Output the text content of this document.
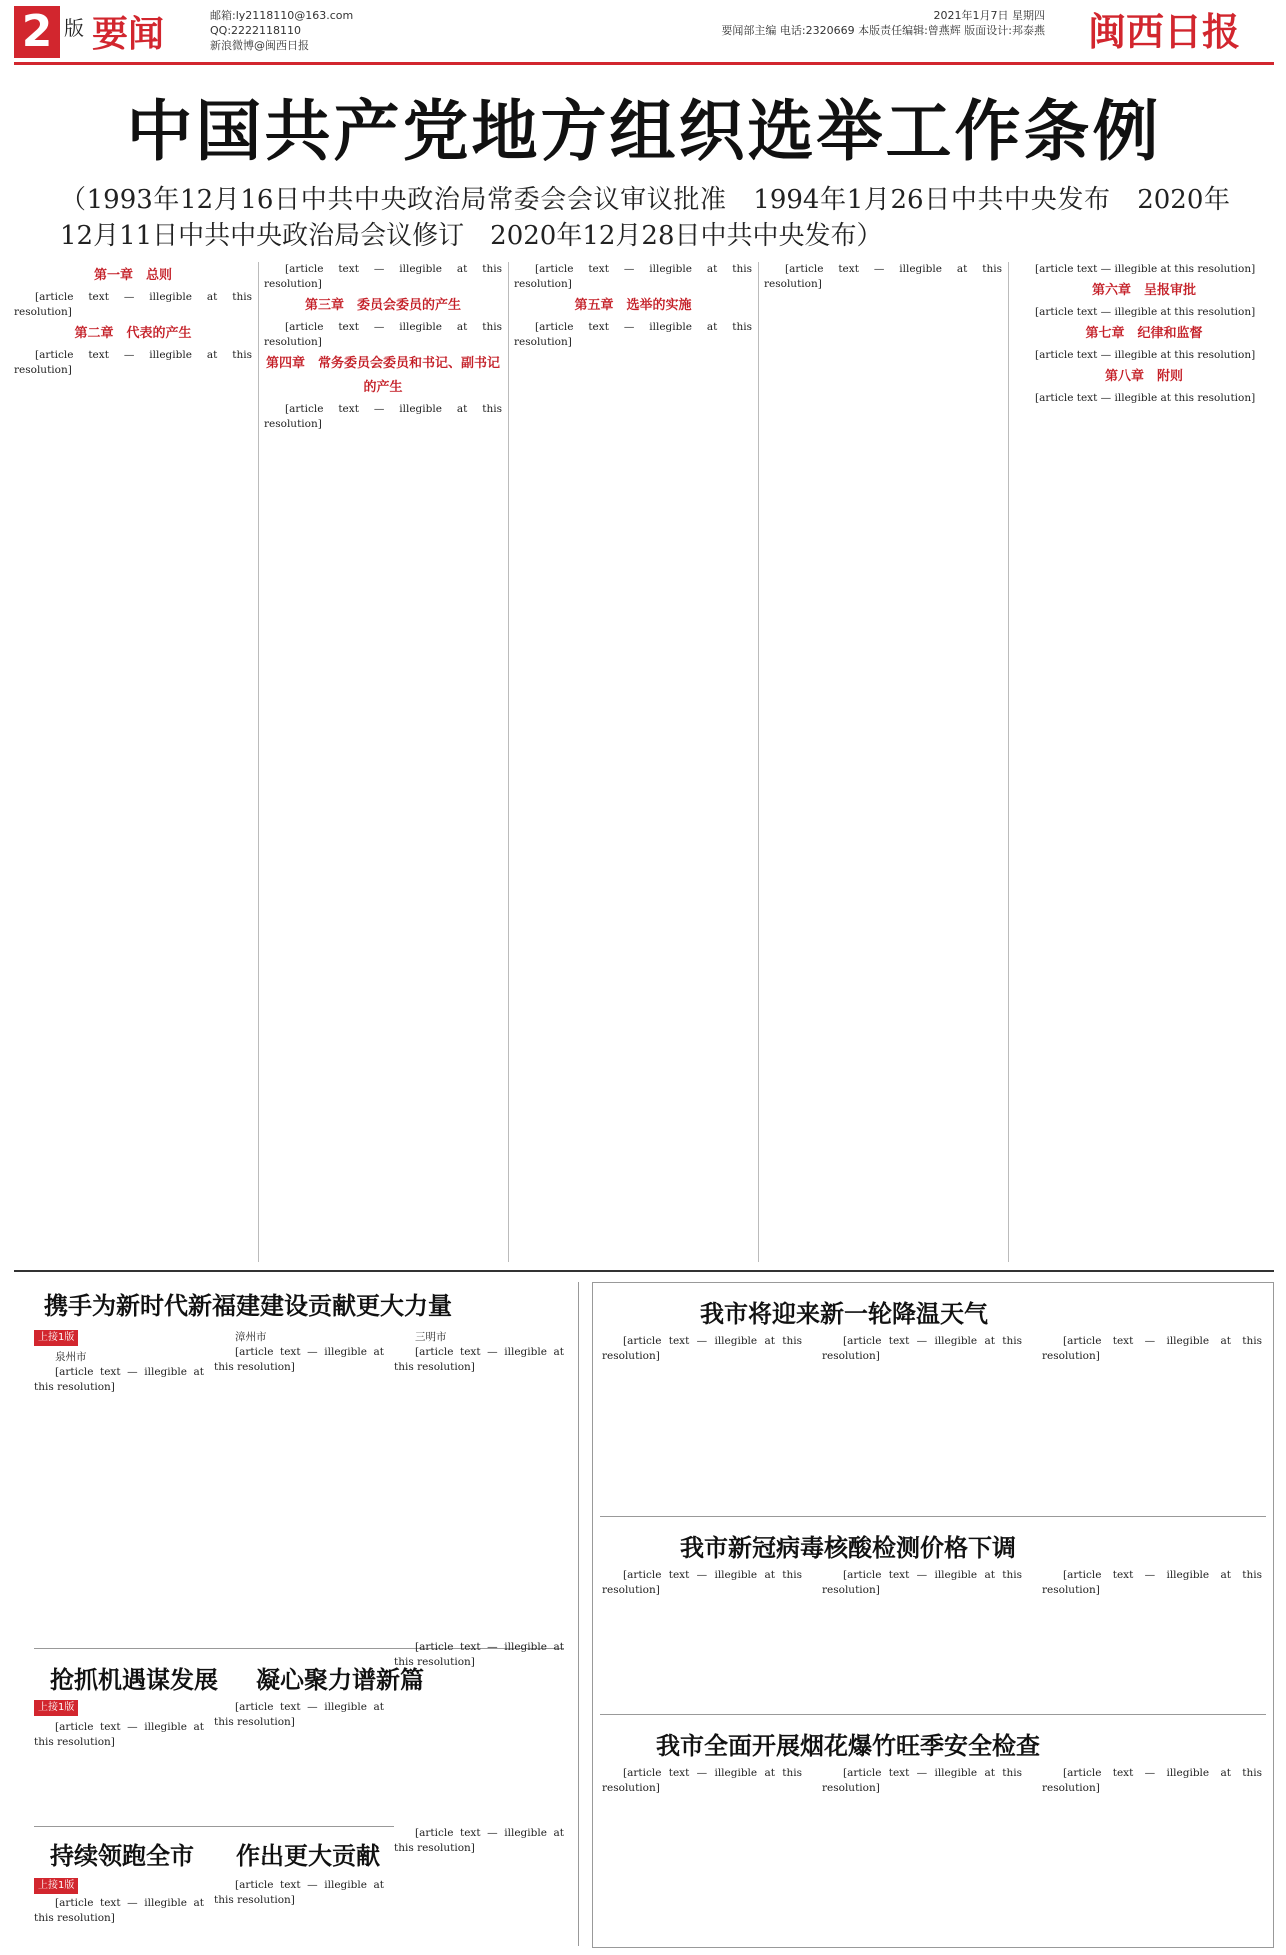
2 版 要闻	邮箱:ly2118110@163.com
QQ:2222118110
新浪微博@闽西日报
2021年1月7日 星期四
要闻部主编 电话:2320669 本版责任编辑:曾燕辉 版面设计:邦泰燕	闽西日报
中国共产党地方组织选举工作条例
（1993年12月16日中共中央政治局常委会会议审议批准　1994年1月26日中共中央发布　2020年12月11日中共中央政治局会议修订　2020年12月28日中共中央发布）
第一章　总则

[article text — illegible at this resolution]

第二章　代表的产生

[article text — illegible at this resolution]

[article text — illegible at this resolution]

第三章　委员会委员的产生

[article text — illegible at this resolution]

第四章　常务委员会委员和书记、副书记的产生

[article text — illegible at this resolution]

[article text — illegible at this resolution]

第五章　选举的实施

[article text — illegible at this resolution]

[article text — illegible at this resolution]

[article text — illegible at this resolution]

第六章　呈报审批

[article text — illegible at this resolution]

第七章　纪律和监督

[article text — illegible at this resolution]

第八章　附则

[article text — illegible at this resolution]

携手为新时代新福建建设贡献更大力量
上接1版

泉州市

[article text — illegible at this resolution]

漳州市

[article text — illegible at this resolution]

三明市

[article text — illegible at this resolution]

抢抓机遇谋发展 凝心聚力谱新篇
上接1版

[article text — illegible at this resolution]

[article text — illegible at this resolution]

[article text — illegible at this resolution]

持续领跑全市 作出更大贡献
上接1版

[article text — illegible at this resolution]

[article text — illegible at this resolution]

[article text — illegible at this resolution]

我市将迎来新一轮降温天气

[article text — illegible at this resolution]

[article text — illegible at this resolution]

[article text — illegible at this resolution]

我市新冠病毒核酸检测价格下调

[article text — illegible at this resolution]

[article text — illegible at this resolution]

[article text — illegible at this resolution]

我市全面开展烟花爆竹旺季安全检查

[article text — illegible at this resolution]

[article text — illegible at this resolution]

[article text — illegible at this resolution]
